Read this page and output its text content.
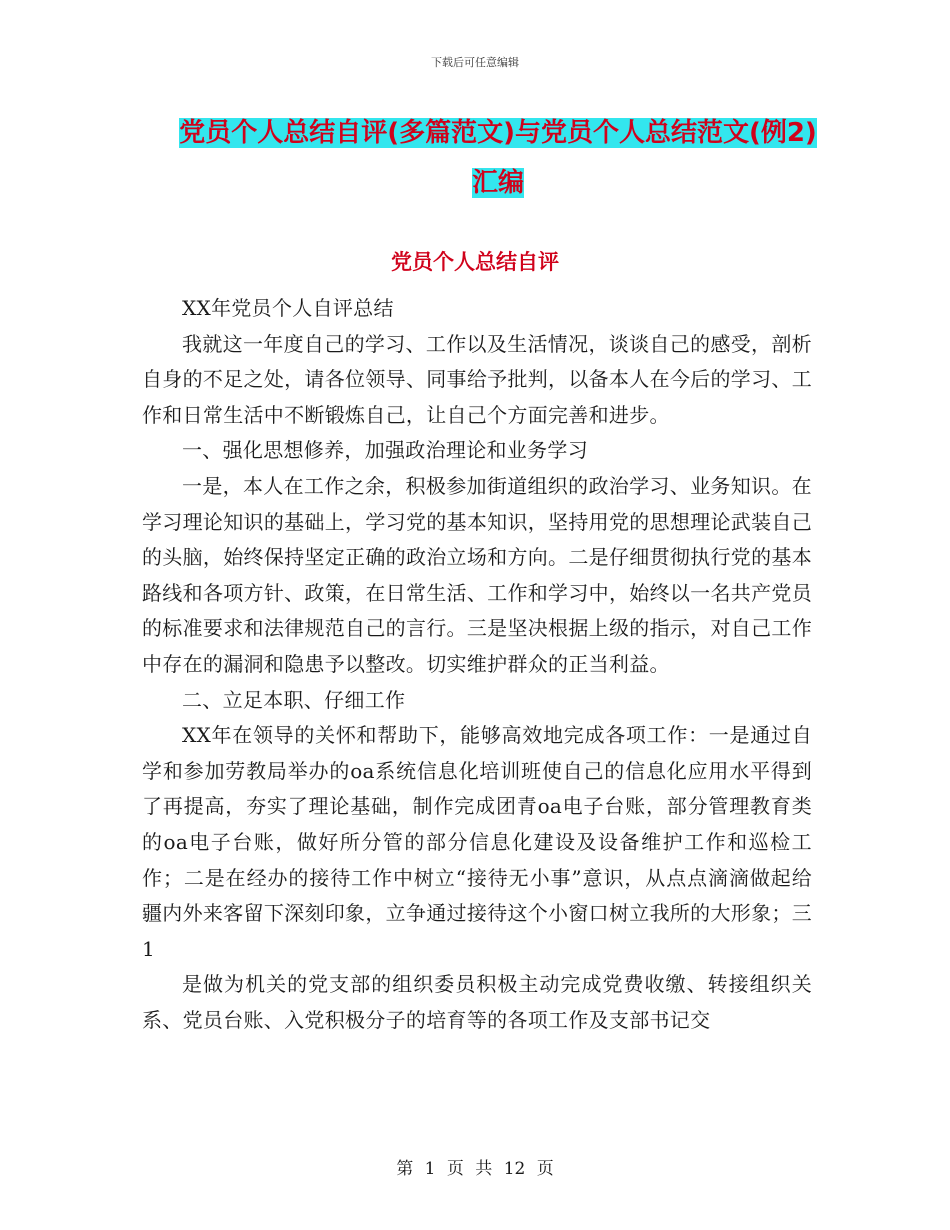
下载后可任意编辑
党员个人总结自评(多篇范文)与党员个人总结范文(例2)汇编
党员个人总结自评

XX年党员个人自评总结

我就这一年度自己的学习、工作以及生活情况，谈谈自己的感受，剖析自身的不足之处，请各位领导、同事给予批判，以备本人在今后的学习、工作和日常生活中不断锻炼自己，让自己个方面完善和进步。

一、强化思想修养，加强政治理论和业务学习

一是，本人在工作之余，积极参加街道组织的政治学习、业务知识。在学习理论知识的基础上，学习党的基本知识，坚持用党的思想理论武装自己的头脑，始终保持坚定正确的政治立场和方向。二是仔细贯彻执行党的基本路线和各项方针、政策，在日常生活、工作和学习中，始终以一名共产党员的标准要求和法律规范自己的言行。三是坚决根据上级的指示，对自己工作中存在的漏洞和隐患予以整改。切实维护群众的正当利益。

二、立足本职、仔细工作

XX年在领导的关怀和帮助下，能够高效地完成各项工作：一是通过自学和参加劳教局举办的oa系统信息化培训班使自己的信息化应用水平得到了再提高，夯实了理论基础，制作完成团青oa电子台账，部分管理教育类的oa电子台账，做好所分管的部分信息化建设及设备维护工作和巡检工作；二是在经办的接待工作中树立“接待无小事”意识，从点点滴滴做起给疆内外来客留下深刻印象，立争通过接待这个小窗口树立我所的大形象；三 1

是做为机关的党支部的组织委员积极主动完成党费收缴、转接组织关系、党员台账、入党积极分子的培育等的各项工作及支部书记交

第 1 页 共 12 页
